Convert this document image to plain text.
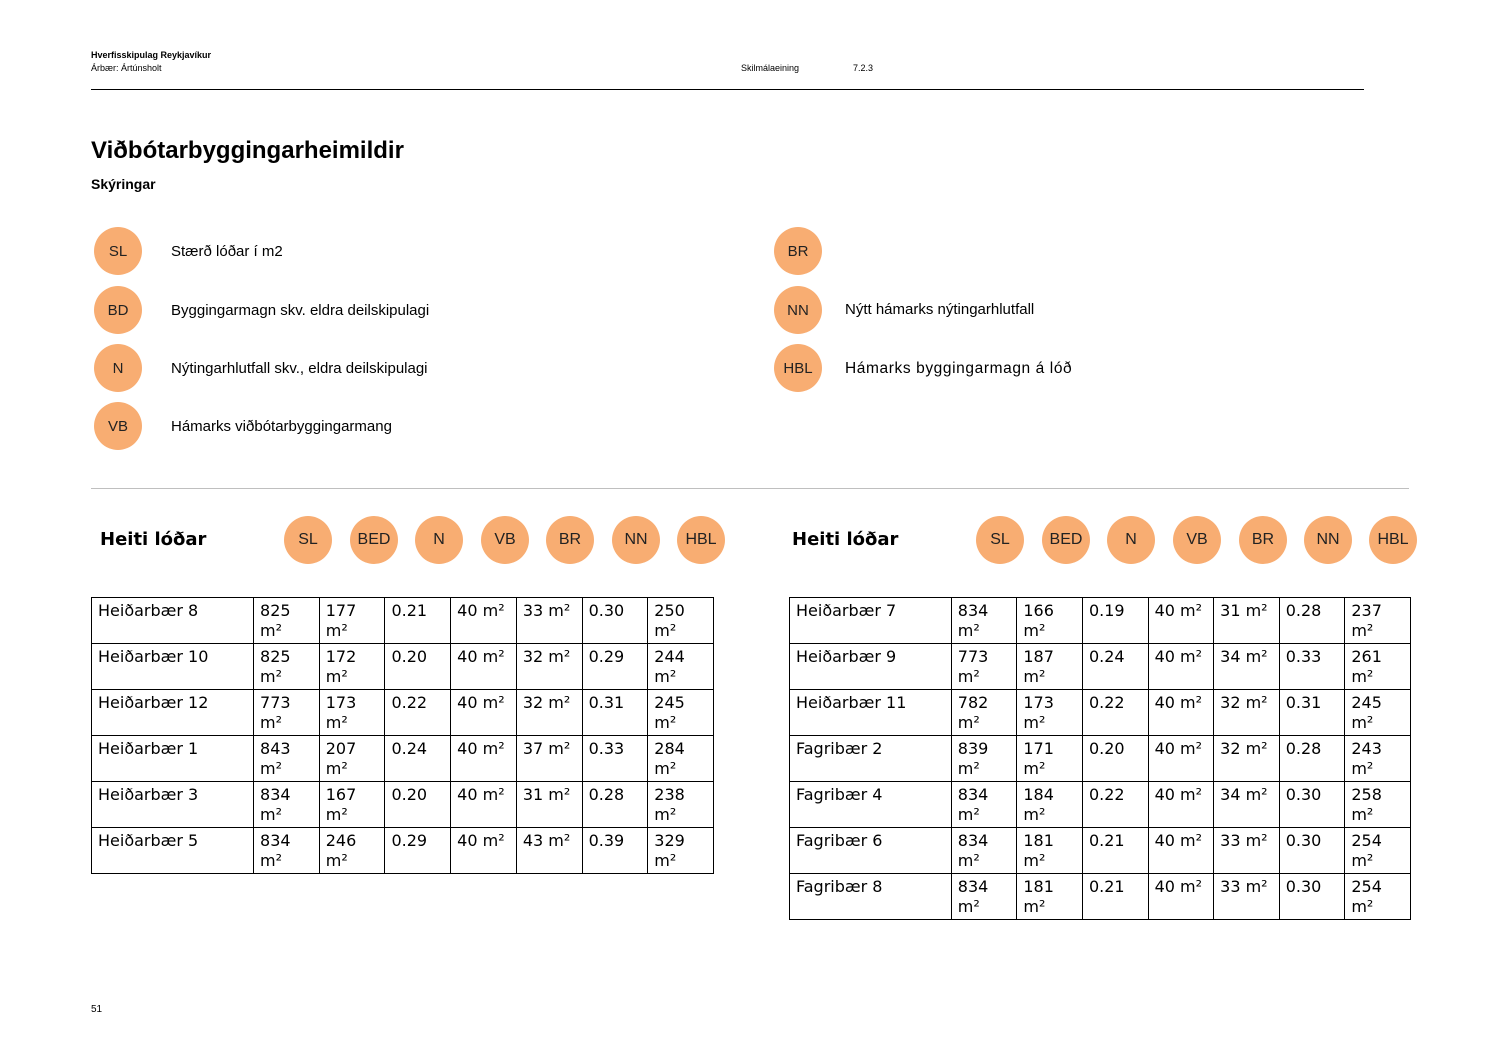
Hverfisskipulag Reykjavíkur
Árbær: Ártúnsholt	Skilmálaeining	7.2.3
Viðbótarbyggingarheimildir
Skýringar
SL	Stærð lóðar í m2
BD	Byggingarmagn skv. eldra deilskipulagi
N	Nýtingarhlutfall skv., eldra deilskipulagi
VB	Hámarks viðbótarbyggingarmang
BR
NN	Nýtt hámarks nýtingarhlutfall
HBL	Hámarks byggingarmagn á lóð
Heiti lóðar	SL	BED	N	VB	BR	NN	HBL	Heiti lóðar	SL	BED	N	VB	BR	NN	HBL
Heiðarbær 8	825 m²	177 m²	0.21	40 m²	33 m²	0.30	250 m²
Heiðarbær 10	825 m²	172 m²	0.20	40 m²	32 m²	0.29	244 m²
Heiðarbær 12	773 m²	173 m²	0.22	40 m²	32 m²	0.31	245 m²
Heiðarbær 1	843 m²	207 m²	0.24	40 m²	37 m²	0.33	284 m²
Heiðarbær 3	834 m²	167 m²	0.20	40 m²	31 m²	0.28	238 m²
Heiðarbær 5	834 m²	246 m²	0.29	40 m²	43 m²	0.39	329 m²
Heiðarbær 7	834 m²	166 m²	0.19	40 m²	31 m²	0.28	237 m²
Heiðarbær 9	773 m²	187 m²	0.24	40 m²	34 m²	0.33	261 m²
Heiðarbær 11	782 m²	173 m²	0.22	40 m²	32 m²	0.31	245 m²
Fagribær 2	839 m²	171 m²	0.20	40 m²	32 m²	0.28	243 m²
Fagribær 4	834 m²	184 m²	0.22	40 m²	34 m²	0.30	258 m²
Fagribær 6	834 m²	181 m²	0.21	40 m²	33 m²	0.30	254 m²
Fagribær 8	834 m²	181 m²	0.21	40 m²	33 m²	0.30	254 m²
51
